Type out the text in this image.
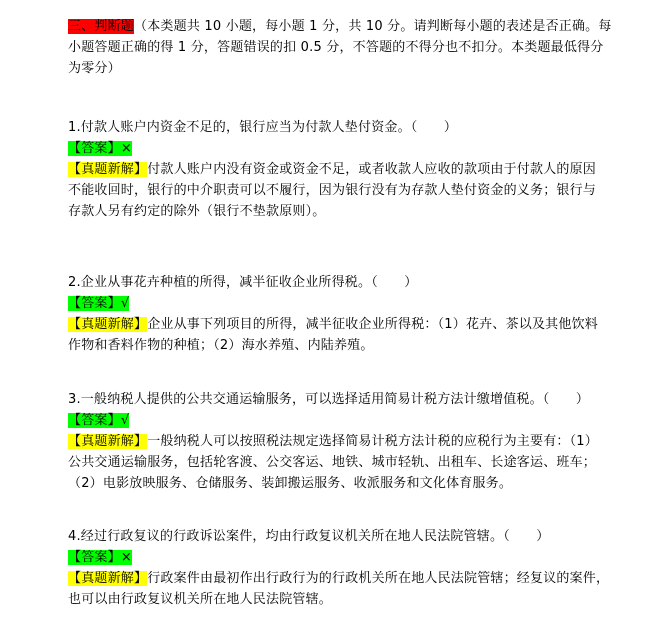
三、判断题（本类题共 10 小题，每小题 1 分，共 10 分。请判断每小题的表述是否正确。每
小题答题正确的得 1 分，答题错误的扣 0.5 分，不答题的不得分也不扣分。本类题最低得分
为零分）
1.付款人账户内资金不足的，银行应当为付款人垫付资金。（　　）
【答案】×
【真题新解】付款人账户内没有资金或资金不足，或者收款人应收的款项由于付款人的原因
不能收回时，银行的中介职责可以不履行，因为银行没有为存款人垫付资金的义务；银行与
存款人另有约定的除外（银行不垫款原则）。
2.企业从事花卉种植的所得，减半征收企业所得税。（　　）
【答案】√
【真题新解】企业从事下列项目的所得，减半征收企业所得税：（1）花卉、茶以及其他饮料
作物和香料作物的种植；（2）海水养殖、内陆养殖。
3.一般纳税人提供的公共交通运输服务，可以选择适用简易计税方法计缴增值税。（　　）
【答案】√
【真题新解】一般纳税人可以按照税法规定选择简易计税方法计税的应税行为主要有：（1）
公共交通运输服务，包括轮客渡、公交客运、地铁、城市轻轨、出租车、长途客运、班车；
（2）电影放映服务、仓储服务、装卸搬运服务、收派服务和文化体育服务。
4.经过行政复议的行政诉讼案件，均由行政复议机关所在地人民法院管辖。（　　）
【答案】×
【真题新解】行政案件由最初作出行政行为的行政机关所在地人民法院管辖；经复议的案件，
也可以由行政复议机关所在地人民法院管辖。
